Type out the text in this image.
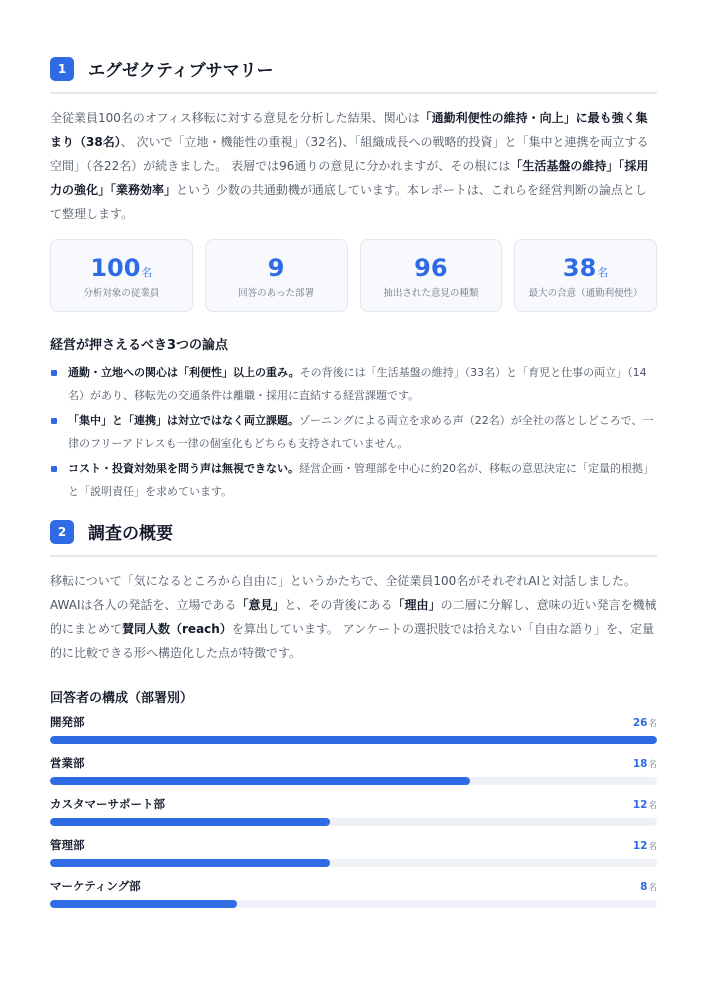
1	エグゼクティブサマリー

全従業員100名のオフィス移転に対する意見を分析した結果、関心は「通勤利便性の維持・向上」に最も強く集まり（38名）、 次いで「立地・機能性の重視」（32名)、「組織成長への戦略的投資」と「集中と連携を両立する空間」（各22名）が続きました。 表層では96通りの意見に分かれますが、その根には「生活基盤の維持」「採用力の強化」「業務効率」という 少数の共通動機が通底しています。本レポートは、これらを経営判断の論点として整理します。

100 名
分析対象の従業員
9
回答のあった部署
96
抽出された意見の種類
38 名
最大の合意（通勤利便性）
経営が押さえるべき3つの論点
通勤・立地への関心は「利便性」以上の重み。その背後には「生活基盤の維持」（33名）と「育児と仕事の両立」（14名）があり、移転先の交通条件は離職・採用に直結する経営課題です。
「集中」と「連携」は対立ではなく両立課題。ゾーニングによる両立を求める声（22名）が全社の落としどころで、一律のフリーアドレスも一律の個室化もどちらも支持されていません。
コスト・投資対効果を問う声は無視できない。経営企画・管理部を中心に約20名が、移転の意思決定に「定量的根拠」と「説明責任」を求めています。
2	調査の概要

移転について「気になるところから自由に」というかたちで、全従業員100名がそれぞれAIと対話しました。 AWAIは各人の発話を、立場である「意見」と、その背後にある「理由」の二層に分解し、意味の近い発言を機械的にまとめて賛同人数（reach）を算出しています。 アンケートの選択肢では拾えない「自由な語り」を、定量的に比較できる形へ構造化した点が特徴です。

回答者の構成（部署別）
開発部	26名
営業部	18名
カスタマーサポート部	12名
管理部	12名
マーケティング部	8名
